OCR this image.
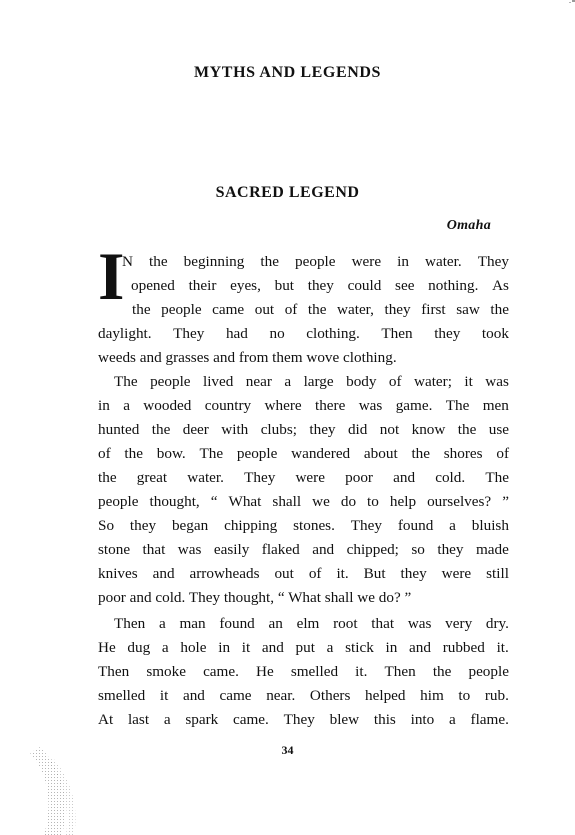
MYTHS AND LEGENDS
SACRED LEGEND
Omaha
I
N the beginning the people were in water. They
opened their eyes, but they could see nothing. As
the people came out of the water, they first saw the
daylight. They had no clothing. Then they took
weeds and grasses and from them wove clothing.
The people lived near a large body of water; it was
in a wooded country where there was game. The men
hunted the deer with clubs; they did not know the use
of the bow. The people wandered about the shores of
the great water. They were poor and cold. The
people thought, “ What shall we do to help ourselves? ”
So they began chipping stones. They found a bluish
stone that was easily flaked and chipped; so they made
knives and arrowheads out of it. But they were still
poor and cold. They thought, “ What shall we do? ”
Then a man found an elm root that was very dry.
He dug a hole in it and put a stick in and rubbed it.
Then smoke came. He smelled it. Then the people
smelled it and came near. Others helped him to rub.
At last a spark came. They blew this into a flame.
34
